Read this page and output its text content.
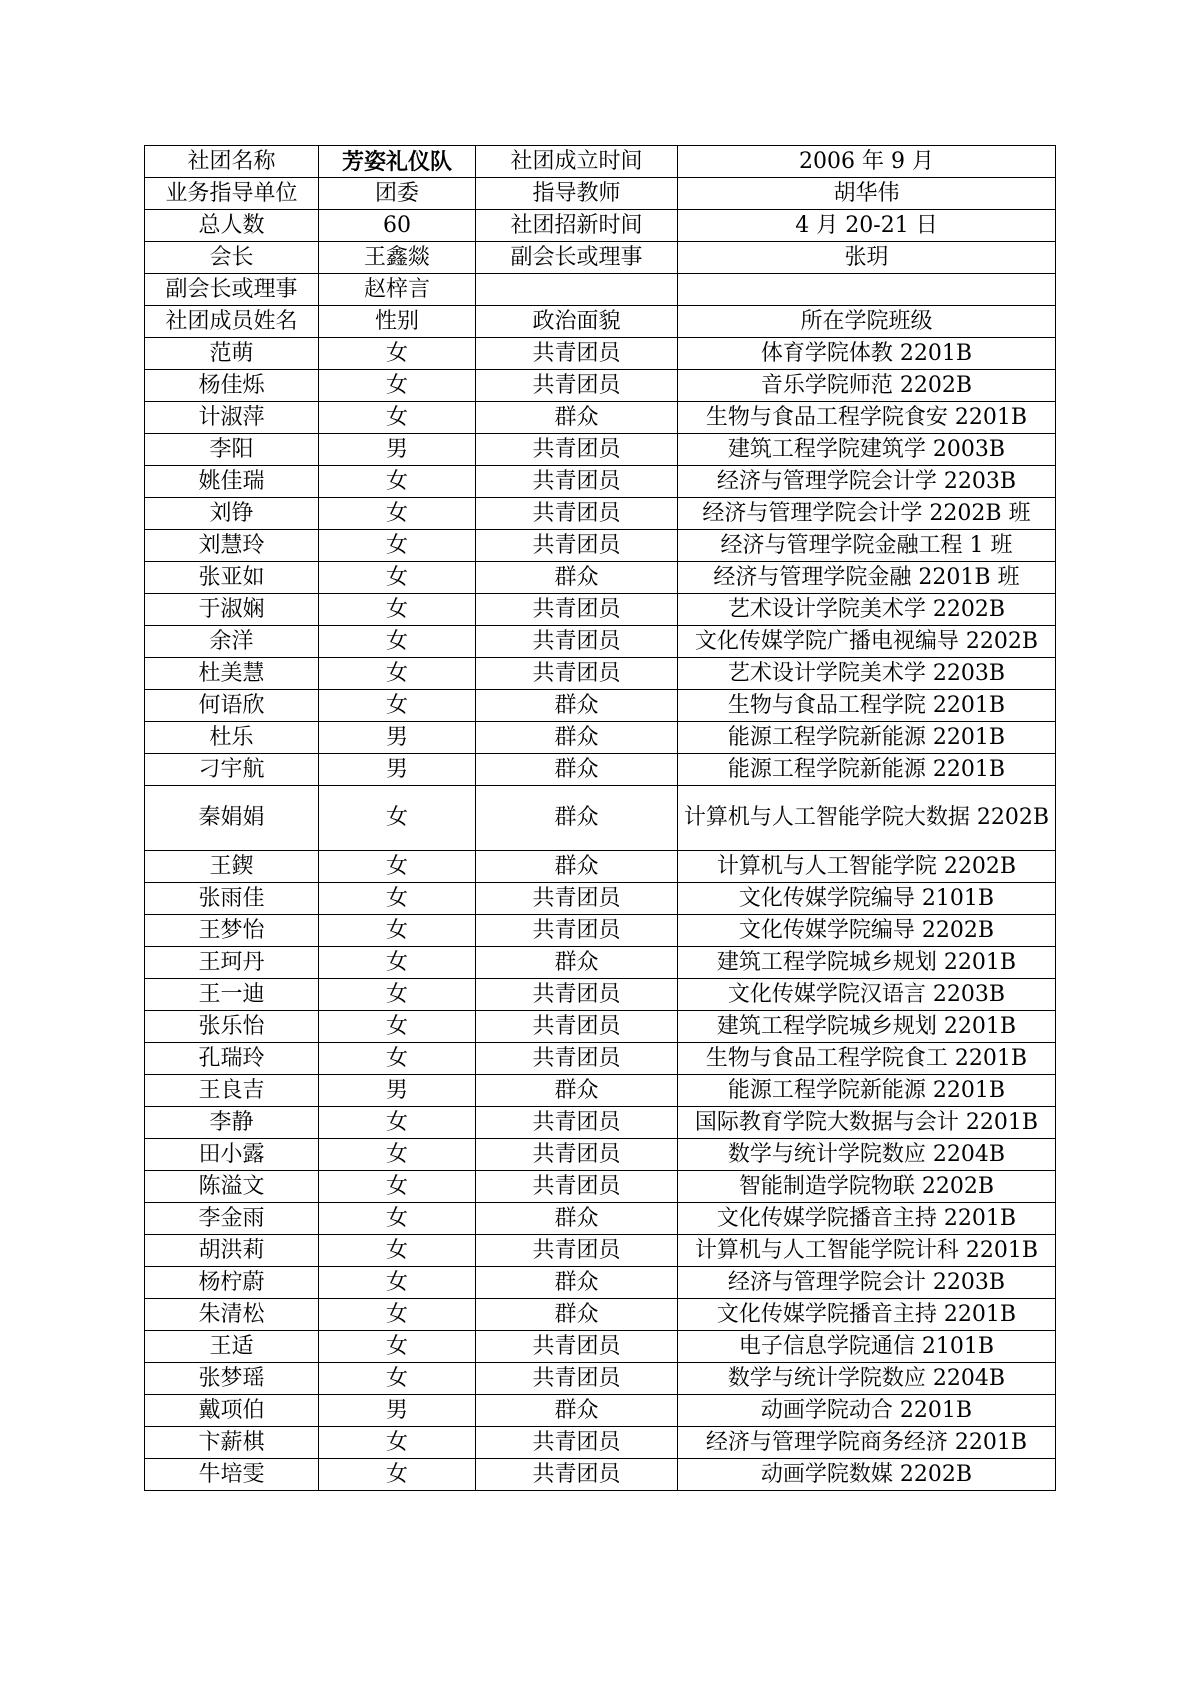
社团名称	芳姿礼仪队	社团成立时间	2006 年 9 月
业务指导单位	团委	指导教师	胡华伟
总人数	60	社团招新时间	4 月 20-21 日
会长	王鑫燚	副会长或理事	张玥
副会长或理事	赵梓言		
社团成员姓名	性别	政治面貌	所在学院班级
范萌	女	共青团员	体育学院体教 2201B
杨佳烁	女	共青团员	音乐学院师范 2202B
计淑萍	女	群众	生物与食品工程学院食安 2201B
李阳	男	共青团员	建筑工程学院建筑学 2003B
姚佳瑞	女	共青团员	经济与管理学院会计学 2203B
刘铮	女	共青团员	经济与管理学院会计学 2202B 班
刘慧玲	女	共青团员	经济与管理学院金融工程 1 班
张亚如	女	群众	经济与管理学院金融 2201B 班
于淑娴	女	共青团员	艺术设计学院美术学 2202B
余洋	女	共青团员	文化传媒学院广播电视编导 2202B
杜美慧	女	共青团员	艺术设计学院美术学 2203B
何语欣	女	群众	生物与食品工程学院 2201B
杜乐	男	群众	能源工程学院新能源 2201B
刁宇航	男	群众	能源工程学院新能源 2201B
秦娟娟	女	群众	计算机与人工智能学院大数据 2202B
王鍥	女	群众	计算机与人工智能学院 2202B
张雨佳	女	共青团员	文化传媒学院编导 2101B
王梦怡	女	共青团员	文化传媒学院编导 2202B
王珂丹	女	群众	建筑工程学院城乡规划 2201B
王一迪	女	共青团员	文化传媒学院汉语言 2203B
张乐怡	女	共青团员	建筑工程学院城乡规划 2201B
孔瑞玲	女	共青团员	生物与食品工程学院食工 2201B
王良吉	男	群众	能源工程学院新能源 2201B
李静	女	共青团员	国际教育学院大数据与会计 2201B
田小露	女	共青团员	数学与统计学院数应 2204B
陈溢文	女	共青团员	智能制造学院物联 2202B
李金雨	女	群众	文化传媒学院播音主持 2201B
胡洪莉	女	共青团员	计算机与人工智能学院计科 2201B
杨柠蔚	女	群众	经济与管理学院会计 2203B
朱清松	女	群众	文化传媒学院播音主持 2201B
王适	女	共青团员	电子信息学院通信 2101B
张梦瑶	女	共青团员	数学与统计学院数应 2204B
戴项伯	男	群众	动画学院动合 2201B
卞薪棋	女	共青团员	经济与管理学院商务经济 2201B
牛培雯	女	共青团员	动画学院数媒 2202B
